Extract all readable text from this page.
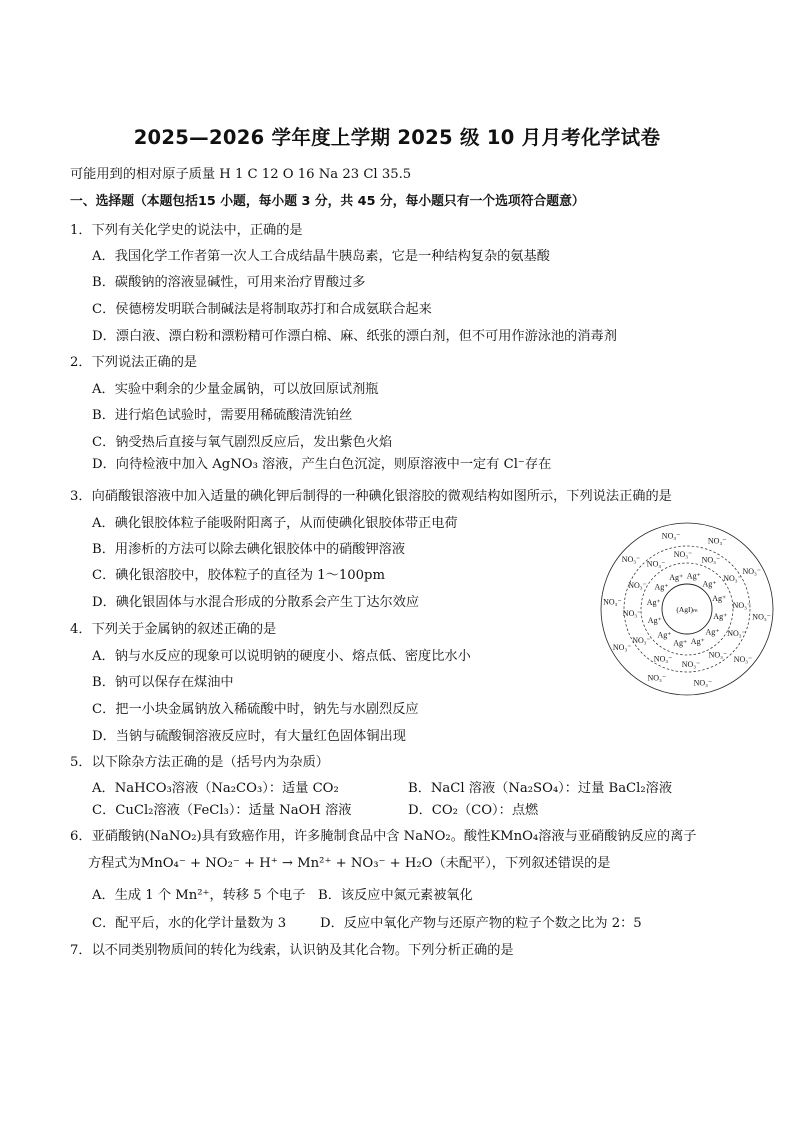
2025—2026 学年度上学期 2025 级 10 月月考化学试卷
可能用到的相对原子质量 H 1 C 12 O 16 Na 23 Cl 35.5
一、选择题（本题包括15 小题，每小题 3 分，共 45 分，每小题只有一个选项符合题意）
1．下列有关化学史的说法中，正确的是
A．我国化学工作者第一次人工合成结晶牛胰岛素，它是一种结构复杂的氨基酸
B．碳酸钠的溶液显碱性，可用来治疗胃酸过多
C．侯德榜发明联合制碱法是将制取苏打和合成氨联合起来
D．漂白液、漂白粉和漂粉精可作漂白棉、麻、纸张的漂白剂，但不可用作游泳池的消毒剂
2．下列说法正确的是
A．实验中剩余的少量金属钠，可以放回原试剂瓶
B．进行焰色试验时，需要用稀硫酸清洗铂丝
C．钠受热后直接与氧气剧烈反应后，发出紫色火焰
D．向待检液中加入 AgNO₃ 溶液，产生白色沉淀，则原溶液中一定有 Cl⁻存在
3．向硝酸银溶液中加入适量的碘化钾后制得的一种碘化银溶胶的微观结构如图所示，下列说法正确的是
A．碘化银胶体粒子能吸附阳离子，从而使碘化银胶体带正电荷
B．用渗析的方法可以除去碘化银胶体中的硝酸钾溶液
C．碘化银溶胶中，胶体粒子的直径为 1～100pm
D．碘化银固体与水混合形成的分散系会产生丁达尔效应	(AgI)ₘ
Ag⁺
Ag⁺
Ag⁺
Ag⁺
Ag⁺
Ag⁺
Ag⁺
Ag⁺
Ag⁺ Ag⁺
Ag⁺
Ag⁺
NO₃⁻
NO₃⁻
NO₃⁻
NO₃⁻
NO₃⁻
NO₃⁻
NO₃⁻
NO₃⁻
NO₃⁻
NO₃⁻
NO₃⁻
NO₃⁻
NO₃⁻
NO₃⁻
NO₃⁻
NO₃⁻
NO₃⁻
NO₃⁻
NO₃⁻
NO₃⁻
NO₃⁻
NO₃⁻
4．下列关于金属钠的叙述正确的是
A．钠与水反应的现象可以说明钠的硬度小、熔点低、密度比水小
B．钠可以保存在煤油中
C．把一小块金属钠放入稀硫酸中时，钠先与水剧烈反应
D．当钠与硫酸铜溶液反应时，有大量红色固体铜出现
5．以下除杂方法正确的是（括号内为杂质）
A．NaHCO₃溶液（Na₂CO₃）：适量 CO₂	B．NaCl 溶液（Na₂SO₄）：过量 BaCl₂溶液
C．CuCl₂溶液（FeCl₃）：适量 NaOH 溶液	D．CO₂（CO）：点燃
6．亚硝酸钠(NaNO₂)具有致癌作用，许多腌制食品中含 NaNO₂。酸性KMnO₄溶液与亚硝酸钠反应的离子
方程式为MnO₄⁻ + NO₂⁻ + H⁺ → Mn²⁺ + NO₃⁻ + H₂O（未配平），下列叙述错误的是
A．生成 1 个 Mn²⁺，转移 5 个电子 B．该反应中氮元素被氧化
C．配平后，水的化学计量数为 3	D．反应中氧化产物与还原产物的粒子个数之比为 2：5
7．以不同类别物质间的转化为线索，认识钠及其化合物。下列分析正确的是
